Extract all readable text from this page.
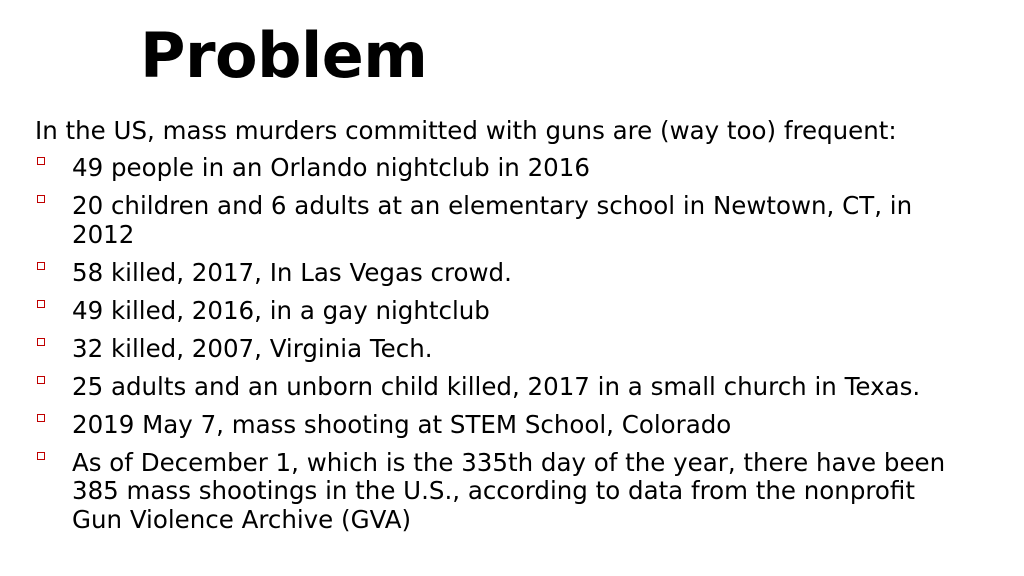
Problem

In the US, mass murders committed with guns are (way too) frequent:

49 people in an Orlando nightclub in 2016
20 children and 6 adults at an elementary school in Newtown, CT, in 2012
58 killed, 2017, In Las Vegas crowd.
49 killed, 2016, in a gay nightclub
32 killed, 2007, Virginia Tech.
25 adults and an unborn child killed, 2017 in a small church in Texas.
2019 May 7, mass shooting at STEM School, Colorado
As of December 1, which is the 335th day of the year, there have been 385 mass shootings in the U.S., according to data from the nonprofit Gun Violence Archive (GVA)
